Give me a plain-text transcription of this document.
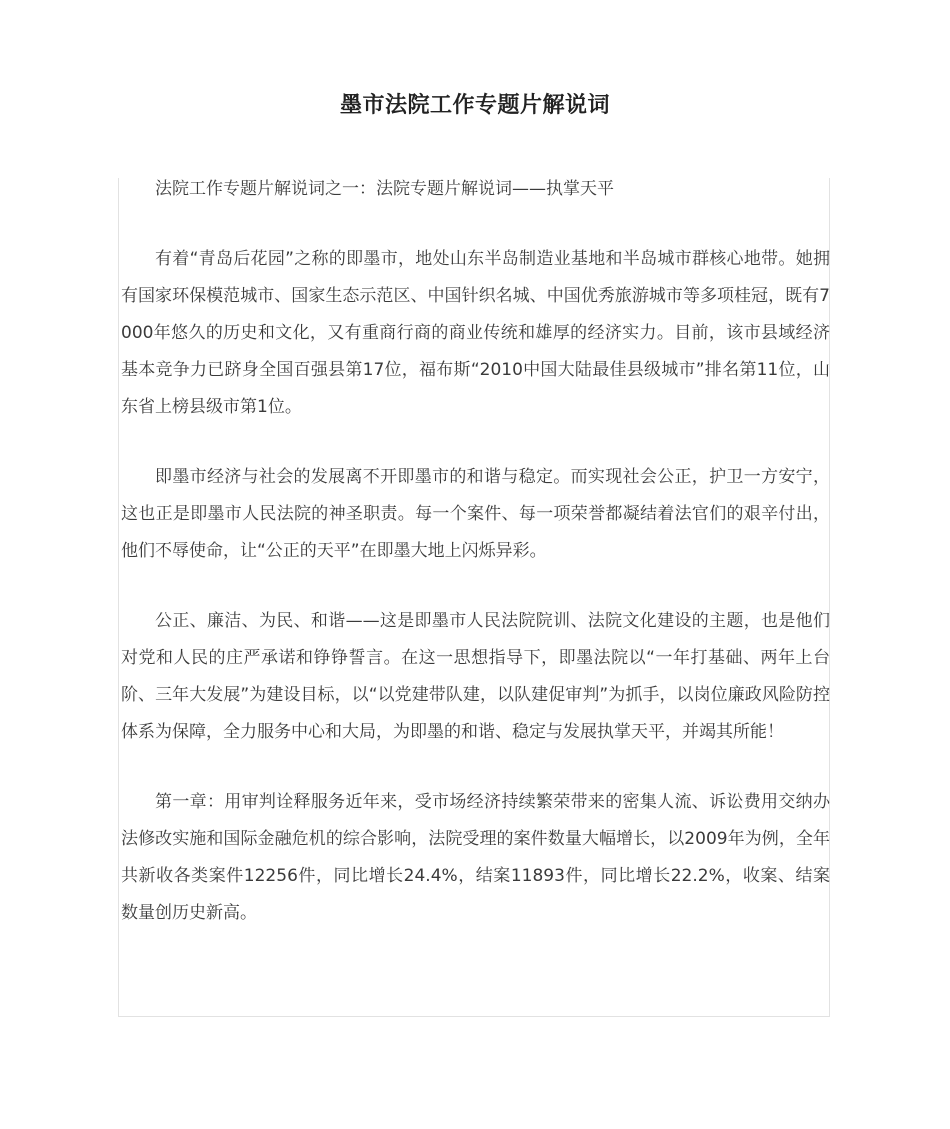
墨市法院工作专题片解说词

法院工作专题片解说词之一：法院专题片解说词——执掌天平

有着“青岛后花园”之称的即墨市，地处山东半岛制造业基地和半岛城市群核心地带。她拥有国家环保模范城市、国家生态示范区、中国针织名城、中国优秀旅游城市等多项桂冠，既有7000年悠久的历史和文化，又有重商行商的商业传统和雄厚的经济实力。目前，该市县域经济基本竞争力已跻身全国百强县第17位，福布斯“2010中国大陆最佳县级城市”排名第11位，山东省上榜县级市第1位。

即墨市经济与社会的发展离不开即墨市的和谐与稳定。而实现社会公正，护卫一方安宁，这也正是即墨市人民法院的神圣职责。每一个案件、每一项荣誉都凝结着法官们的艰辛付出，他们不辱使命，让“公正的天平”在即墨大地上闪烁异彩。

公正、廉洁、为民、和谐——这是即墨市人民法院院训、法院文化建设的主题，也是他们对党和人民的庄严承诺和铮铮誓言。在这一思想指导下，即墨法院以“一年打基础、两年上台阶、三年大发展”为建设目标，以“以党建带队建，以队建促审判”为抓手，以岗位廉政风险防控体系为保障，全力服务中心和大局，为即墨的和谐、稳定与发展执掌天平，并竭其所能！

第一章：用审判诠释服务近年来，受市场经济持续繁荣带来的密集人流、诉讼费用交纳办法修改实施和国际金融危机的综合影响，法院受理的案件数量大幅增长，以2009年为例，全年共新收各类案件12256件，同比增长24.4%，结案11893件，同比增长22.2%，收案、结案数量创历史新高。
